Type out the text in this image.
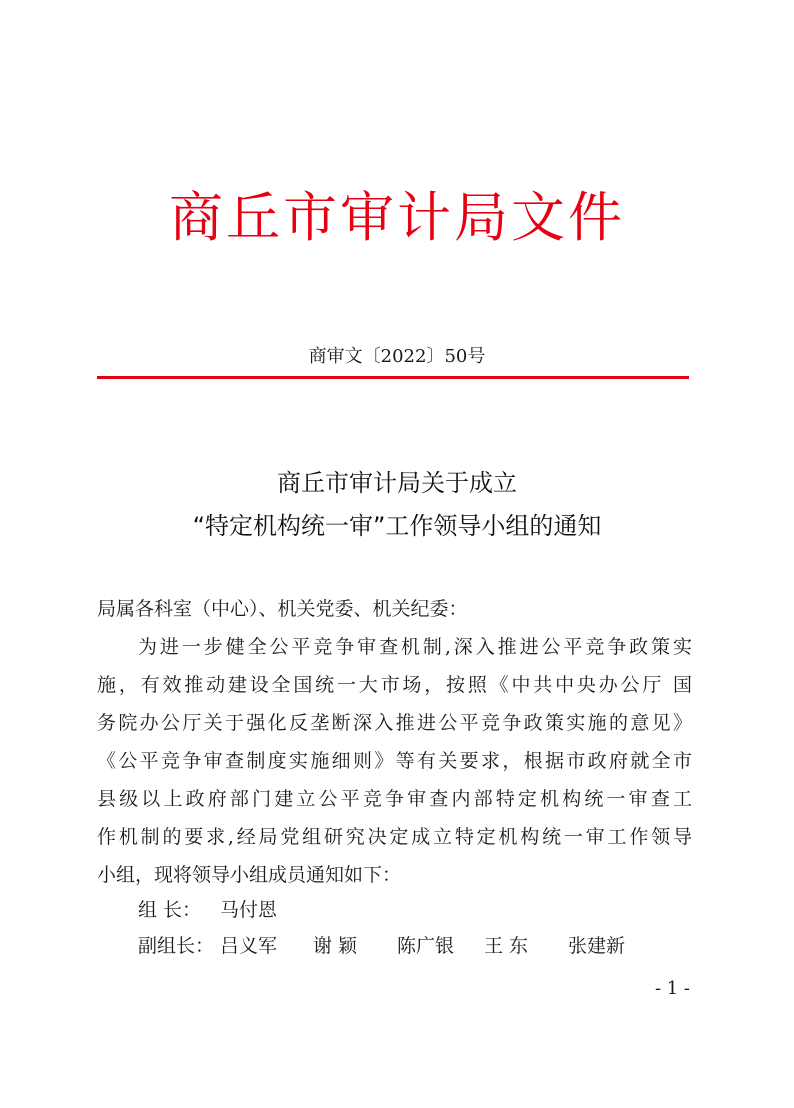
商丘市审计局文件
商审文〔2022〕50号
商丘市审计局关于成立
“特定机构统一审”工作领导小组的通知
局属各科室（中心）、机关党委、机关纪委：
为进一步健全公平竞争审查机制,深入推进公平竞争政策实
施，有效推动建设全国统一大市场，按照《中共中央办公厅 国
务院办公厅关于强化反垄断深入推进公平竞争政策实施的意见》
《公平竞争审查制度实施细则》等有关要求，根据市政府就全市
县级以上政府部门建立公平竞争审查内部特定机构统一审查工
作机制的要求,经局党组研究决定成立特定机构统一审工作领导
小组，现将领导小组成员通知如下：
组 长： 马付恩
副组长： 吕义军 谢 颖 陈广银 王 东 张建新
- 1 -
